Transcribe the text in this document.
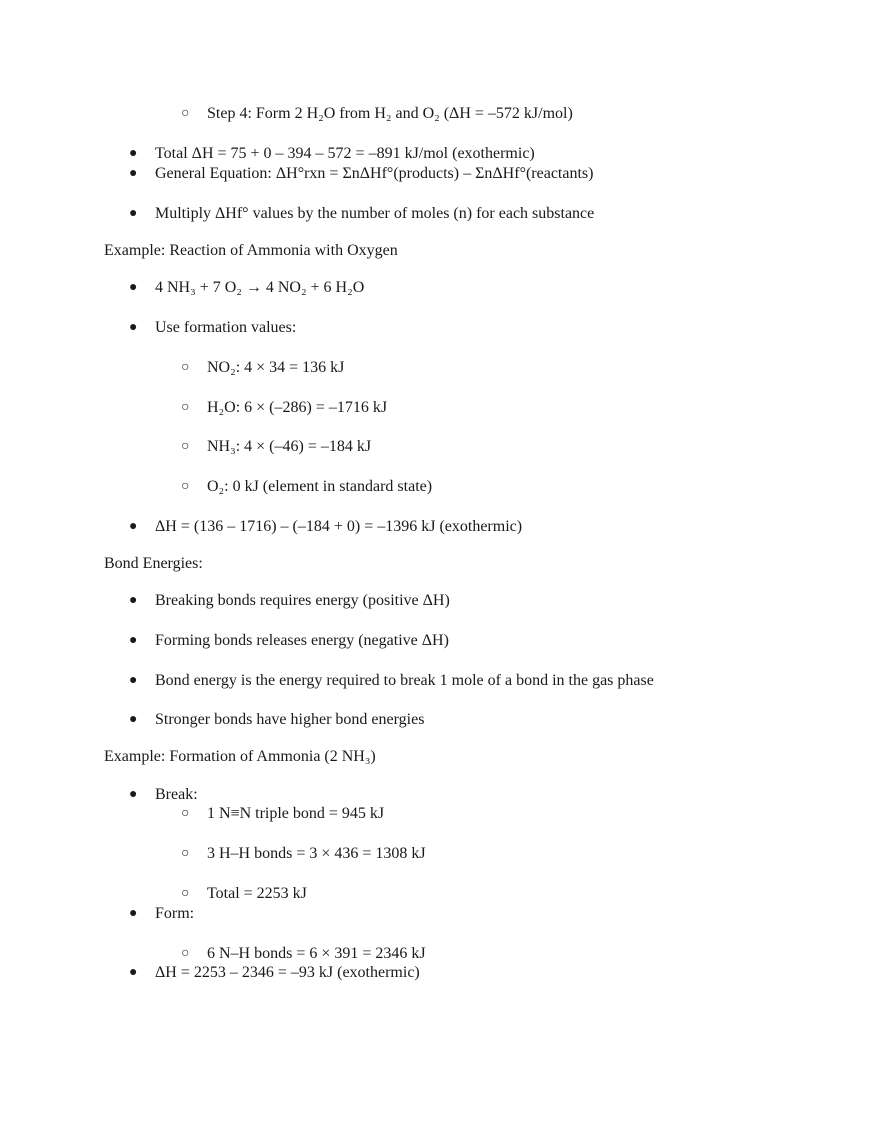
○ Step 4: Form 2 H₂O from H₂ and O₂ (ΔH = –572 kJ/mol)
● Total ΔH = 75 + 0 – 394 – 572 = –891 kJ/mol (exothermic)
● General Equation: ΔH°rxn = ΣnΔHf°(products) – ΣnΔHf°(reactants)
● Multiply ΔHf° values by the number of moles (n) for each substance
Example: Reaction of Ammonia with Oxygen
● 4 NH₃ + 7 O₂ → 4 NO₂ + 6 H₂O
● Use formation values:
○ NO₂: 4 × 34 = 136 kJ
○ H₂O: 6 × (–286) = –1716 kJ
○ NH₃: 4 × (–46) = –184 kJ
○ O₂: 0 kJ (element in standard state)
● ΔH = (136 – 1716) – (–184 + 0) = –1396 kJ (exothermic)
Bond Energies:
● Breaking bonds requires energy (positive ΔH)
● Forming bonds releases energy (negative ΔH)
● Bond energy is the energy required to break 1 mole of a bond in the gas phase
● Stronger bonds have higher bond energies
Example: Formation of Ammonia (2 NH₃)
● Break:
○ 1 N≡N triple bond = 945 kJ
○ 3 H–H bonds = 3 × 436 = 1308 kJ
○ Total = 2253 kJ
● Form:
○ 6 N–H bonds = 6 × 391 = 2346 kJ
● ΔH = 2253 – 2346 = –93 kJ (exothermic)
